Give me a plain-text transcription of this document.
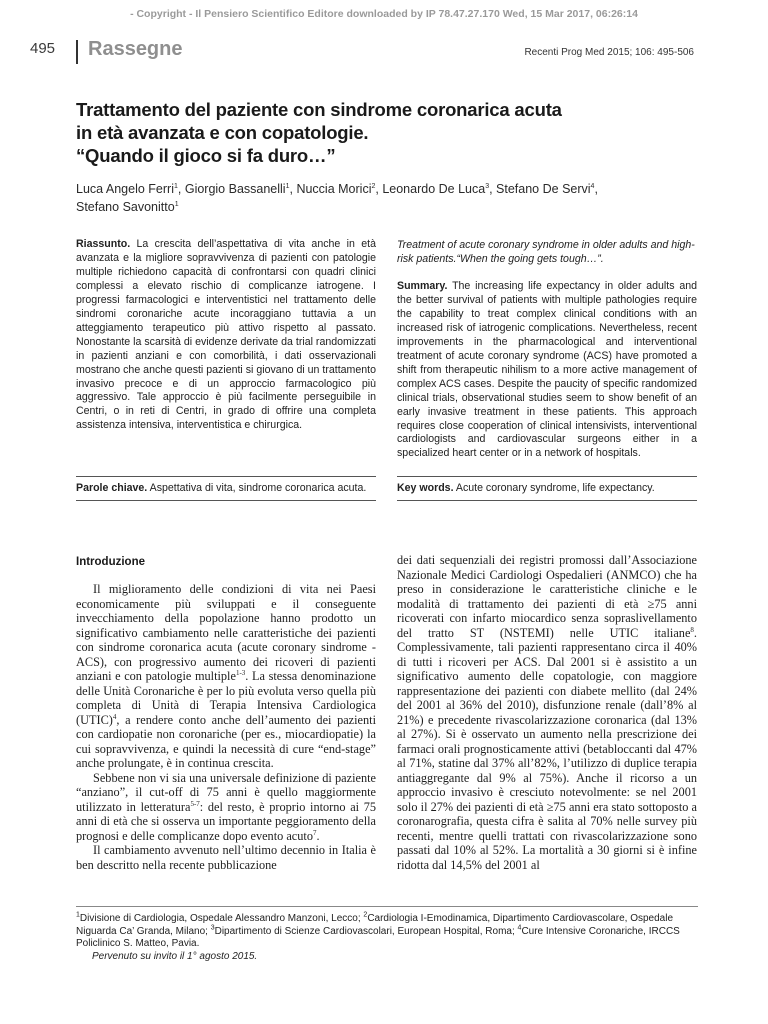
- Copyright - Il Pensiero Scientifico Editore downloaded by IP 78.47.27.170 Wed, 15 Mar 2017, 06:26:14
495 Rassegne	Recenti Prog Med 2015; 106: 495-506
Trattamento del paziente con sindrome coronarica acuta
in età avanzata e con copatologie.
“Quando il gioco si fa duro…”
Luca Angelo Ferri$^1$, Giorgio Bassanelli$^1$, Nuccia Morici$^2$, Leonardo De Luca$^3$, Stefano De Servi$^4$,
Stefano Savonitto$^1$
Riassunto. La crescita dell’aspettativa di vita anche in età avanzata e la migliore sopravvivenza di pazienti con patologie multiple richiedono capacità di confrontarsi con quadri clinici complessi a elevato rischio di complicanze iatrogene. I progressi farmacologici e interventistici nel trattamento delle sindromi coronariche acute incoraggiano tuttavia a un atteggiamento terapeutico più attivo rispetto al passato. Nonostante la scarsità di evidenze derivate da trial randomizzati in pazienti anziani e con comorbilità, i dati osservazionali mostrano che anche questi pazienti si giovano di un trattamento invasivo precoce e di un approccio farmacologico più aggressivo. Tale approccio è più facilmente perseguibile in Centri, o in reti di Centri, in grado di offrire una completa assistenza intensiva, interventistica e chirurgica.
Treatment of acute coronary syndrome in older adults and high-risk patients.“When the going gets tough…”.
Summary. The increasing life expectancy in older adults and the better survival of patients with multiple pathologies require the capability to treat complex clinical conditions with an increased risk of iatrogenic complications. Nevertheless, recent improvements in the pharmacological and interventional treatment of acute coronary syndrome (ACS) have promoted a shift from therapeutic nihilism to a more active management of complex ACS cases. Despite the paucity of specific randomized clinical trials, observational studies seem to show benefit of an early invasive treatment in these patients. This approach requires close cooperation of clinical intensivists, interventional cardiologists and cardiovascular surgeons either in a specialized heart center or in a network of hospitals.
Parole chiave. Aspettativa di vita, sindrome coronarica acuta.	Key words. Acute coronary syndrome, life expectancy.
Introduzione

Il miglioramento delle condizioni di vita nei Paesi economicamente più sviluppati e il conseguente invecchiamento della popolazione hanno prodotto un significativo cambiamento nelle caratteristiche dei pazienti con sindrome coronarica acuta (acute coronary sindrome - ACS), con progressivo aumento dei ricoveri di pazienti anziani e con patologie multiple$^{1-3}$. La stessa denominazione delle Unità Coronariche è per lo più evoluta verso quella più completa di Unità di Terapia Intensiva Cardiologica (UTIC)$^4$, a rendere conto anche dell’aumento dei pazienti con cardiopatie non coronariche (per es., miocardiopatie) la cui sopravvivenza, e quindi la necessità di cure “end-stage” anche prolungate, è in continua crescita.

Sebbene non vi sia una universale definizione di paziente “anziano”, il cut-off di 75 anni è quello maggiormente utilizzato in letteratura$^{5-7}$: del resto, è proprio intorno ai 75 anni di età che si osserva un importante peggioramento della prognosi e delle complicanze dopo evento acuto$^7$.

Il cambiamento avvenuto nell’ultimo decennio in Italia è ben descritto nella recente pubblicazione

dei dati sequenziali dei registri promossi dall’Associazione Nazionale Medici Cardiologi Ospedalieri (ANMCO) che ha preso in considerazione le caratteristiche cliniche e le modalità di trattamento dei pazienti di età ≥75 anni ricoverati con infarto miocardico senza sopraslivellamento del tratto ST (NSTEMI) nelle UTIC italiane$^8$. Complessivamente, tali pazienti rappresentano circa il 40% di tutti i ricoveri per ACS. Dal 2001 si è assistito a un significativo aumento delle copatologie, con maggiore rappresentazione dei pazienti con diabete mellito (dal 24% del 2001 al 36% del 2010), disfunzione renale (dall’8% al 21%) e precedente rivascolarizzazione coronarica (dal 13% al 27%). Si è osservato un aumento nella prescrizione dei farmaci orali prognosticamente attivi (betabloccanti dal 47% al 71%, statine dal 37% all’82%, l’utilizzo di duplice terapia antiaggregante dal 9% al 75%). Anche il ricorso a un approccio invasivo è cresciuto notevolmente: se nel 2001 solo il 27% dei pazienti di età ≥75 anni era stato sottoposto a coronarografia, questa cifra è salita al 70% nelle survey più recenti, mentre quelli trattati con rivascolarizzazione sono passati dal 10% al 52%. La mortalità a 30 giorni si è infine ridotta dal 14,5% del 2001 al

$^1$Divisione di Cardiologia, Ospedale Alessandro Manzoni, Lecco; $^2$Cardiologia I-Emodinamica, Dipartimento Cardiovascolare, Ospedale Niguarda Ca’ Granda, Milano; $^3$Dipartimento di Scienze Cardiovascolari, European Hospital, Roma; $^4$Cure Intensive Coronariche, IRCCS Policlinico S. Matteo, Pavia.
Pervenuto su invito il 1° agosto 2015.
